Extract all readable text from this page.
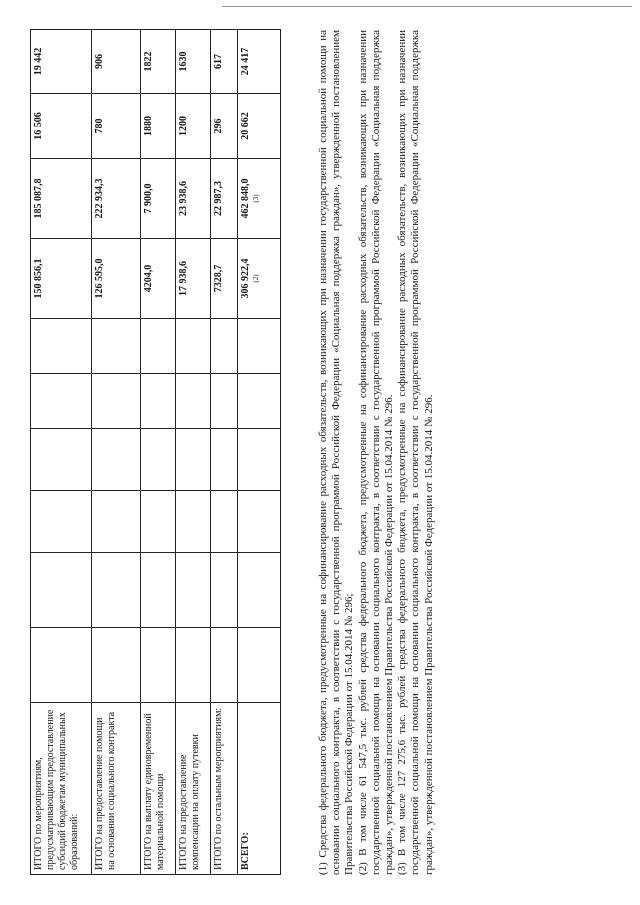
ИТОГО по мероприятиям, предусматривающим предоставление субсидий бюджетам муниципальных образований:							150 856,1	185 087,8	16 506	19 442
ИТОГО на предоставление помощи на основании социального контракта							126 595,0	222 934,3	780	906
ИТОГО на выплату единовременной материальной помощи							4204,0	7 900,0	1880	1822
ИТОГО на предоставление компенсации на оплату путевки							17 938,6	23 938,6	1200	1630
ИТОГО по остальным мероприятиям:							7328,7	22 987,3	296	617
ВСЕГО:							306 922,4 (2)	462 848,0 (3)	20 662	24 417	(1) Средства федерального бюджета, предусмотренные на софинансирование расходных обязательств, возникающих при назначении государственной социальной помощи на основании социального контракта, в соответствии с государственной программой Российской Федерации «Социальная поддержка граждан», утвержденной постановлением Правительства Российской Федерации от 15.04.2014 № 296; (2) В том числе 61 547,5 тыс. рублей средства федерального бюджета, предусмотренные на софинансирование расходных обязательств, возникающих при назначении государственной социальной помощи на основании социального контракта, в соответствии с государственной программой Российской Федерации «Социальная поддержка граждан», утвержденной постановлением Правительства Российской Федерации от 15.04.2014 № 296. (3) В том числе 127 275,6 тыс. рублей средства федерального бюджета, предусмотренные на софинансирование расходных обязательств, возникающих при назначении государственной социальной помощи на основании социального контракта, в соответствии с государственной программой Российской Федерации «Социальная поддержка граждан», утвержденной постановлением Правительства Российской Федерации от 15.04.2014 № 296.
